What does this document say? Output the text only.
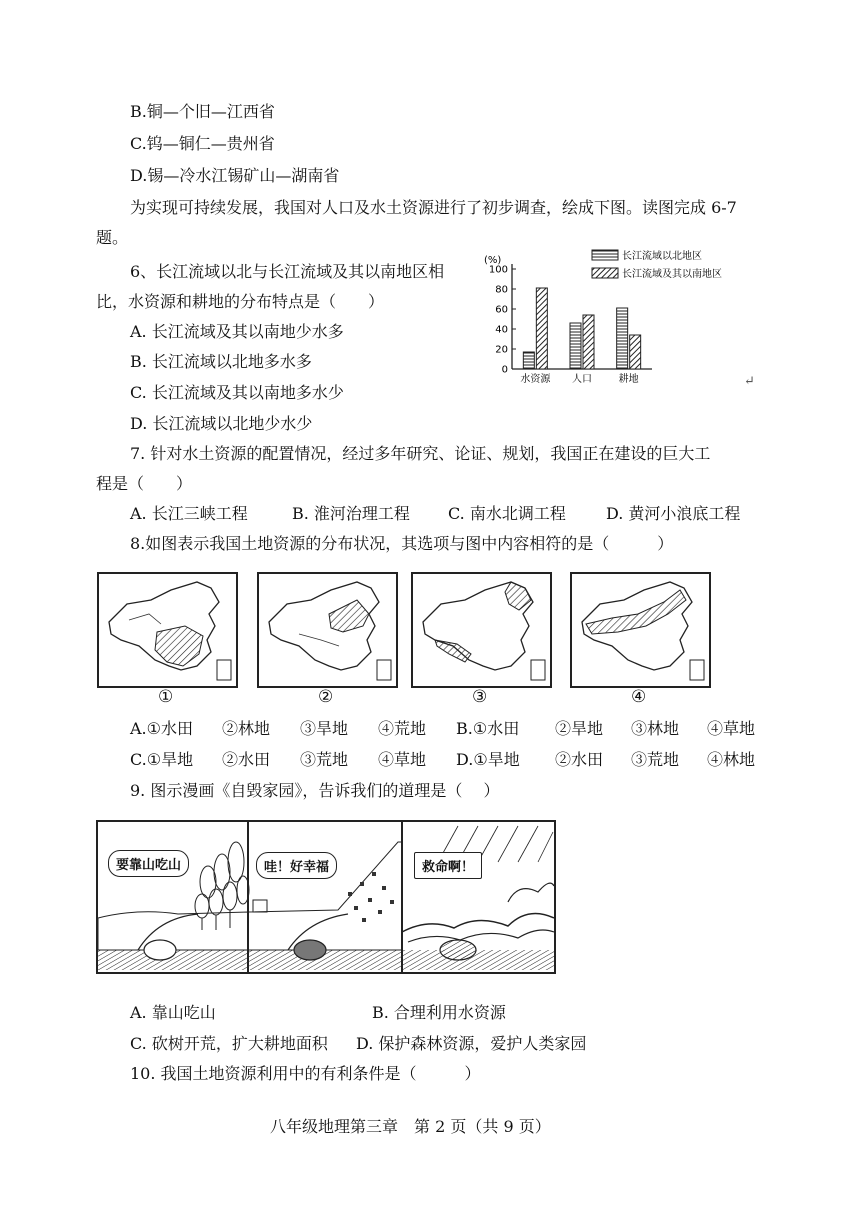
B.铜—个旧—江西省
C.钨—铜仁—贵州省
D.锡—冷水江锡矿山—湖南省
为实现可持续发展，我国对人口及水土资源进行了初步调查，绘成下图。读图完成 6-7
题。
6、长江流域以北与长江流域及其以南地区相
比，水资源和耕地的分布特点是（　　）
A. 长江流域及其以南地少水多
B. 长江流域以北地多水多
C. 长江流域及其以南地多水少
D. 长江流域以北地少水少
(%)
0
20
40
60
80
100
水资源 人口	耕地
长江流域以北地区
长江流域及其以南地区
↵
7. 针对水土资源的配置情况，经过多年研究、论证、规划，我国正在建设的巨大工
程是（　　）
A. 长江三峡工程	B. 淮河治理工程 C. 南水北调工程	D. 黄河小浪底工程
8.如图表示我国土地资源的分布状况，其选项与图中内容相符的是（　　　）
①	②	③	④
A.①水田 ②林地 ③旱地 ④荒地 B.①水田 ②旱地 ③林地 ④草地
C.①旱地 ②水田 ③荒地 ④草地 D.①旱地 ②水田 ③荒地 ④林地
9. 图示漫画《自毁家园》，告诉我们的道理是（　 ）
要靠山吃山	哇！好幸福	救命啊！
A. 靠山吃山	B. 合理利用水资源
C. 砍树开荒，扩大耕地面积 D. 保护森林资源，爱护人类家园
10. 我国土地资源利用中的有利条件是（　　　）
八年级地理第三章　第 2 页（共 9 页）
